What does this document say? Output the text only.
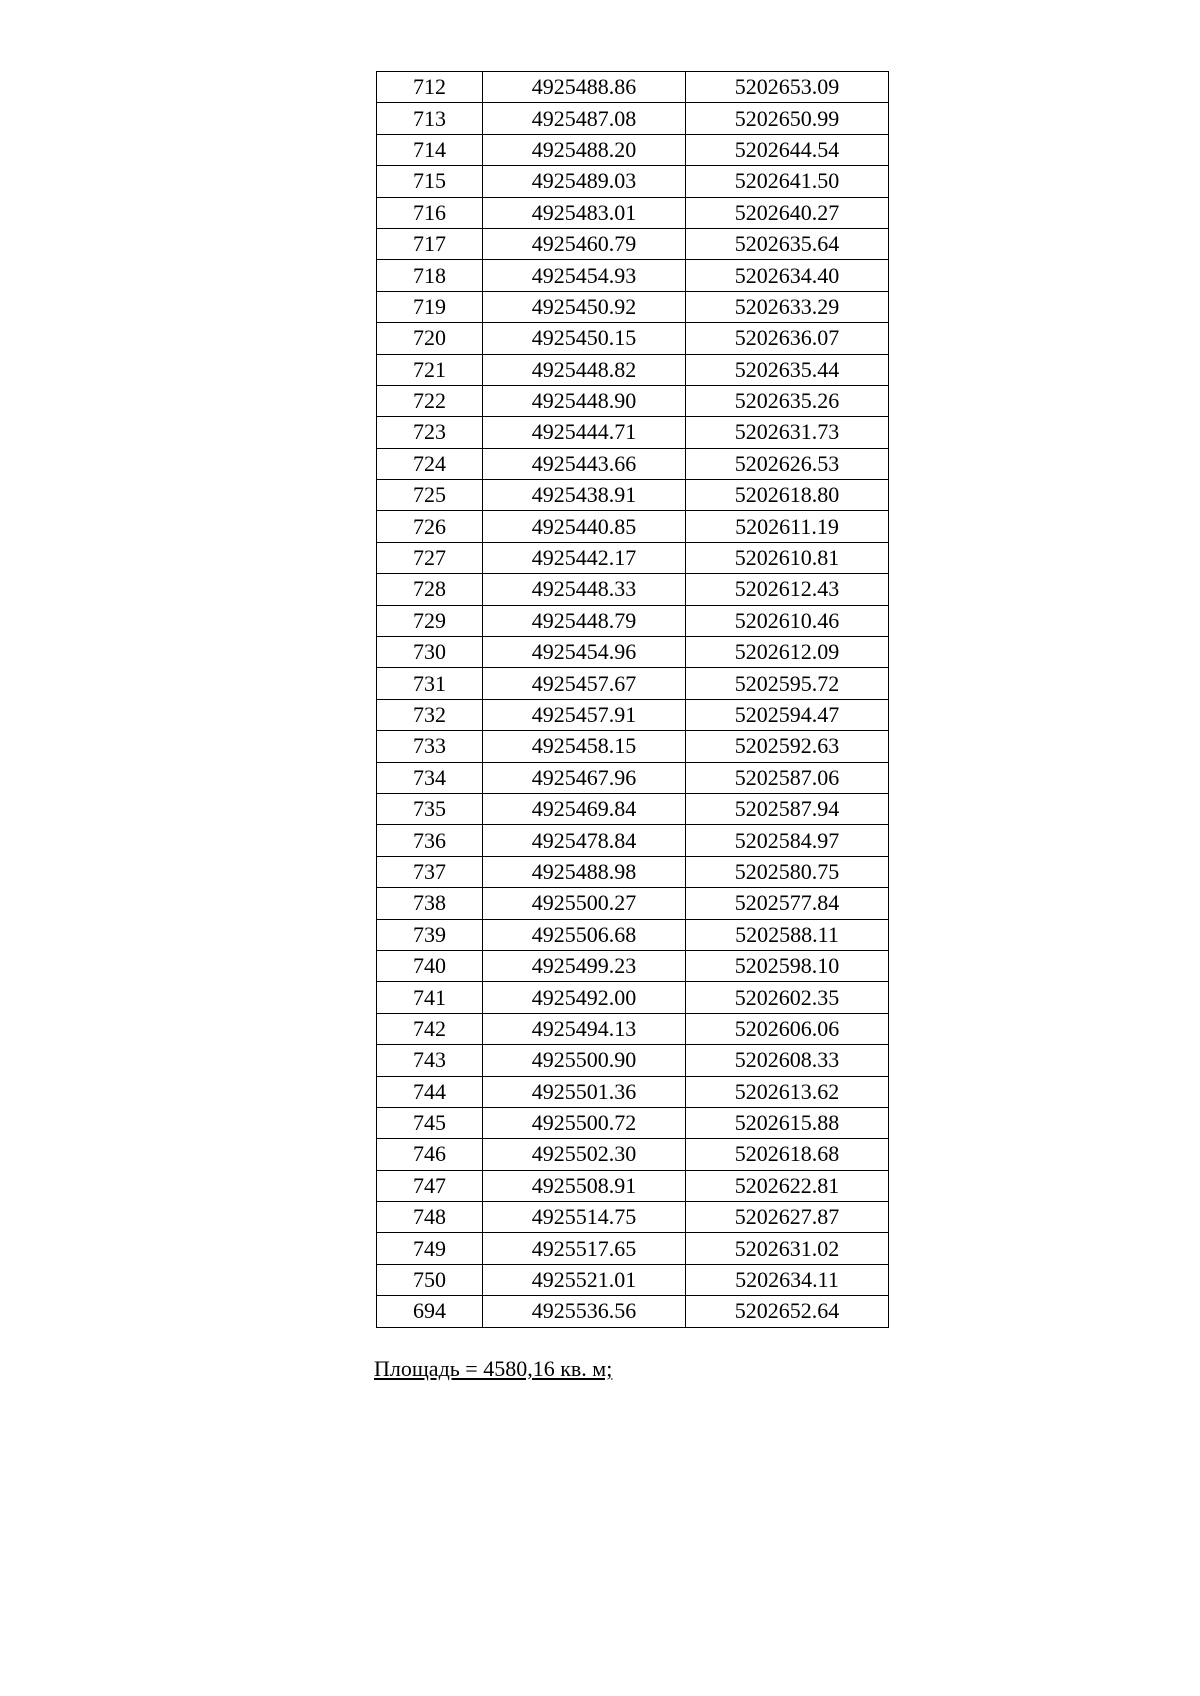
712	4925488.86	5202653.09
713	4925487.08	5202650.99
714	4925488.20	5202644.54
715	4925489.03	5202641.50
716	4925483.01	5202640.27
717	4925460.79	5202635.64
718	4925454.93	5202634.40
719	4925450.92	5202633.29
720	4925450.15	5202636.07
721	4925448.82	5202635.44
722	4925448.90	5202635.26
723	4925444.71	5202631.73
724	4925443.66	5202626.53
725	4925438.91	5202618.80
726	4925440.85	5202611.19
727	4925442.17	5202610.81
728	4925448.33	5202612.43
729	4925448.79	5202610.46
730	4925454.96	5202612.09
731	4925457.67	5202595.72
732	4925457.91	5202594.47
733	4925458.15	5202592.63
734	4925467.96	5202587.06
735	4925469.84	5202587.94
736	4925478.84	5202584.97
737	4925488.98	5202580.75
738	4925500.27	5202577.84
739	4925506.68	5202588.11
740	4925499.23	5202598.10
741	4925492.00	5202602.35
742	4925494.13	5202606.06
743	4925500.90	5202608.33
744	4925501.36	5202613.62
745	4925500.72	5202615.88
746	4925502.30	5202618.68
747	4925508.91	5202622.81
748	4925514.75	5202627.87
749	4925517.65	5202631.02
750	4925521.01	5202634.11
694	4925536.56	5202652.64
Площадь = 4580,16 кв. м;
